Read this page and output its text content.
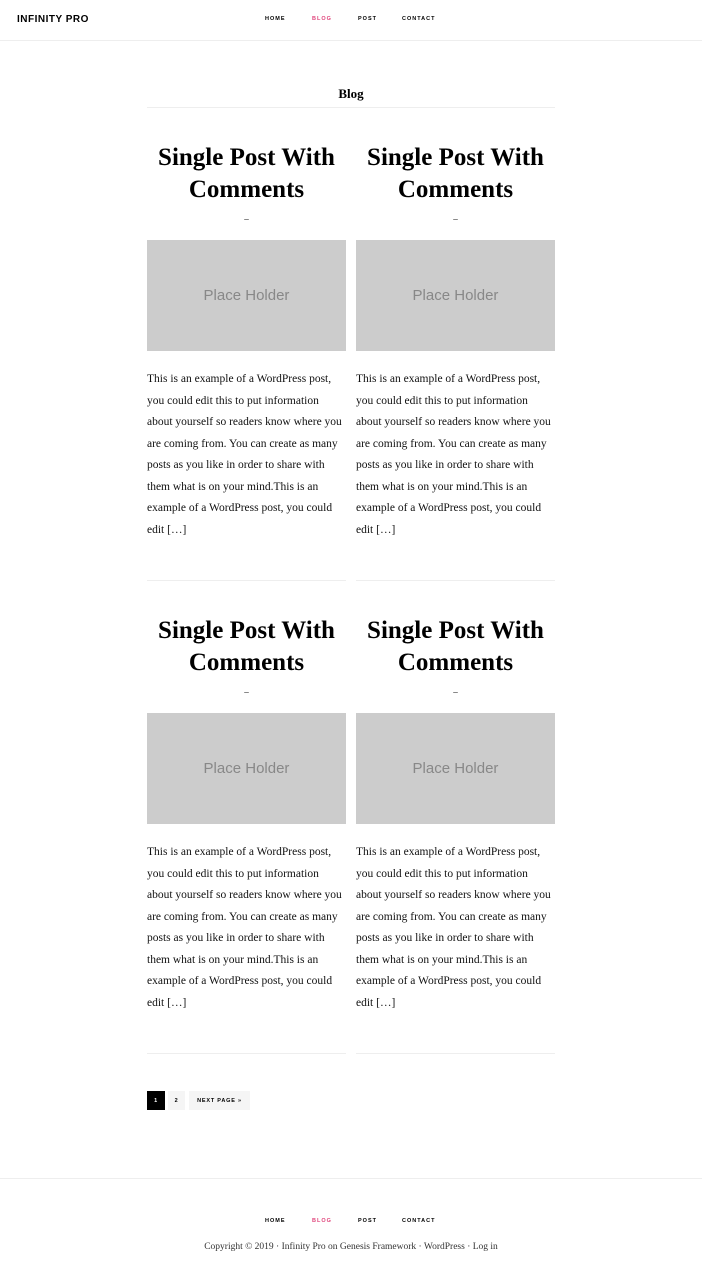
INFINITY PRO	HOME	BLOG	POST	CONTACT
Blog
Single Post With Comments
–
Place Holder
This is an example of a WordPress post, you could edit this to put information about yourself so readers know where you are coming from. You can create as many posts as you like in order to share with them what is on your mind.This is an example of a WordPress post, you could edit […]
Single Post With Comments
–
Place Holder
This is an example of a WordPress post, you could edit this to put information about yourself so readers know where you are coming from. You can create as many posts as you like in order to share with them what is on your mind.This is an example of a WordPress post, you could edit […]
Single Post With Comments
–
Place Holder
This is an example of a WordPress post, you could edit this to put information about yourself so readers know where you are coming from. You can create as many posts as you like in order to share with them what is on your mind.This is an example of a WordPress post, you could edit […]
Single Post With Comments
–
Place Holder
This is an example of a WordPress post, you could edit this to put information about yourself so readers know where you are coming from. You can create as many posts as you like in order to share with them what is on your mind.This is an example of a WordPress post, you could edit […]
1	2	NEXT PAGE »
HOME	BLOG	POST	CONTACT
Copyright © 2019 · Infinity Pro on Genesis Framework · WordPress · Log in
